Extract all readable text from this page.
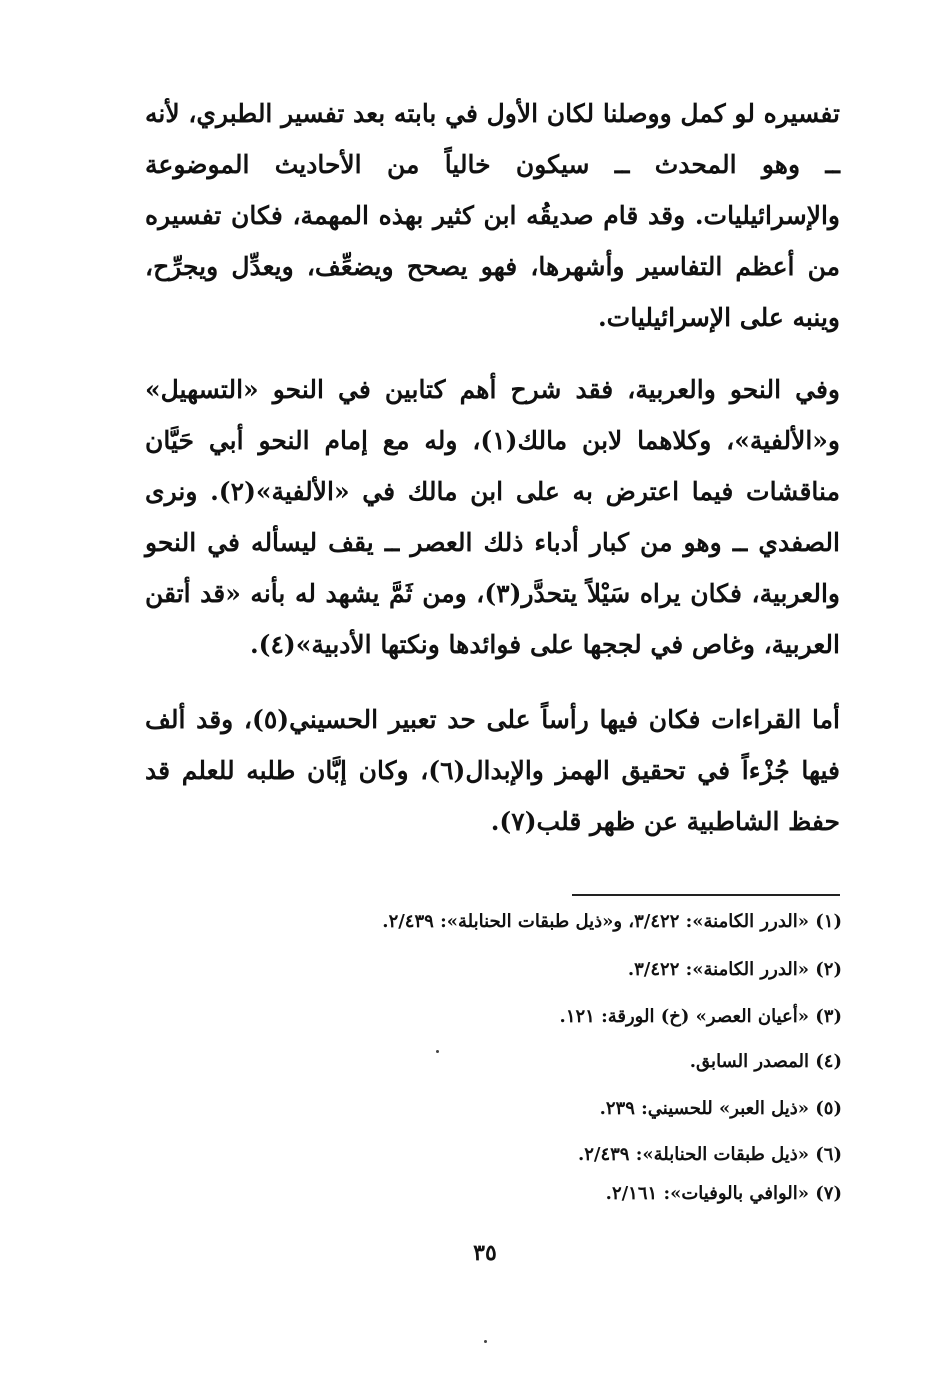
تفسيره لو كمل ووصلنا لكان الأول في بابته بعد تفسير الطبري، لأنه ــ وهو المحدث ــ سيكون خالياً من الأحاديث الموضوعة والإسرائيليات. وقد قام صديقُه ابن كثير بهذه المهمة، فكان تفسيره من أعظم التفاسير وأشهرها، فهو يصحح ويضعِّف، ويعدِّل ويجرِّح، وينبه على الإسرائيليات.

وفي النحو والعربية، فقد شرح أهم كتابين في النحو «التسهيل» و«الألفية»، وكلاهما لابن مالك(١)، وله مع إمام النحو أبي حَيَّان مناقشات فيما اعترض به على ابن مالك في «الألفية»(٢). ونرى الصفدي ــ وهو من كبار أدباء ذلك العصر ــ يقف ليسأله في النحو والعربية، فكان يراه سَيْلاً يتحدَّر(٣)، ومن ثَمَّ يشهد له بأنه «قد أتقن العربية، وغاص في لججها على فوائدها ونكتها الأدبية»(٤).

أما القراءات فكان فيها رأساً على حد تعبير الحسيني(٥)، وقد ألف فيها جُزْءاً في تحقيق الهمز والإبدال(٦)، وكان إبَّان طلبه للعلم قد حفظ الشاطبية عن ظهر قلب(٧).

(١) «الدرر الكامنة»: ٣/٤٢٢، و«ذيل طبقات الحنابلة»: ٢/٤٣٩.
(٢) «الدرر الكامنة»: ٣/٤٢٢.
(٣) «أعيان العصر» (خ) الورقة: ١٢١.
(٤) المصدر السابق.
(٥) «ذيل العبر» للحسيني: ٢٣٩.
(٦) «ذيل طبقات الحنابلة»: ٢/٤٣٩.
(٧) «الوافي بالوفيات»: ٢/١٦١.
٣٥
